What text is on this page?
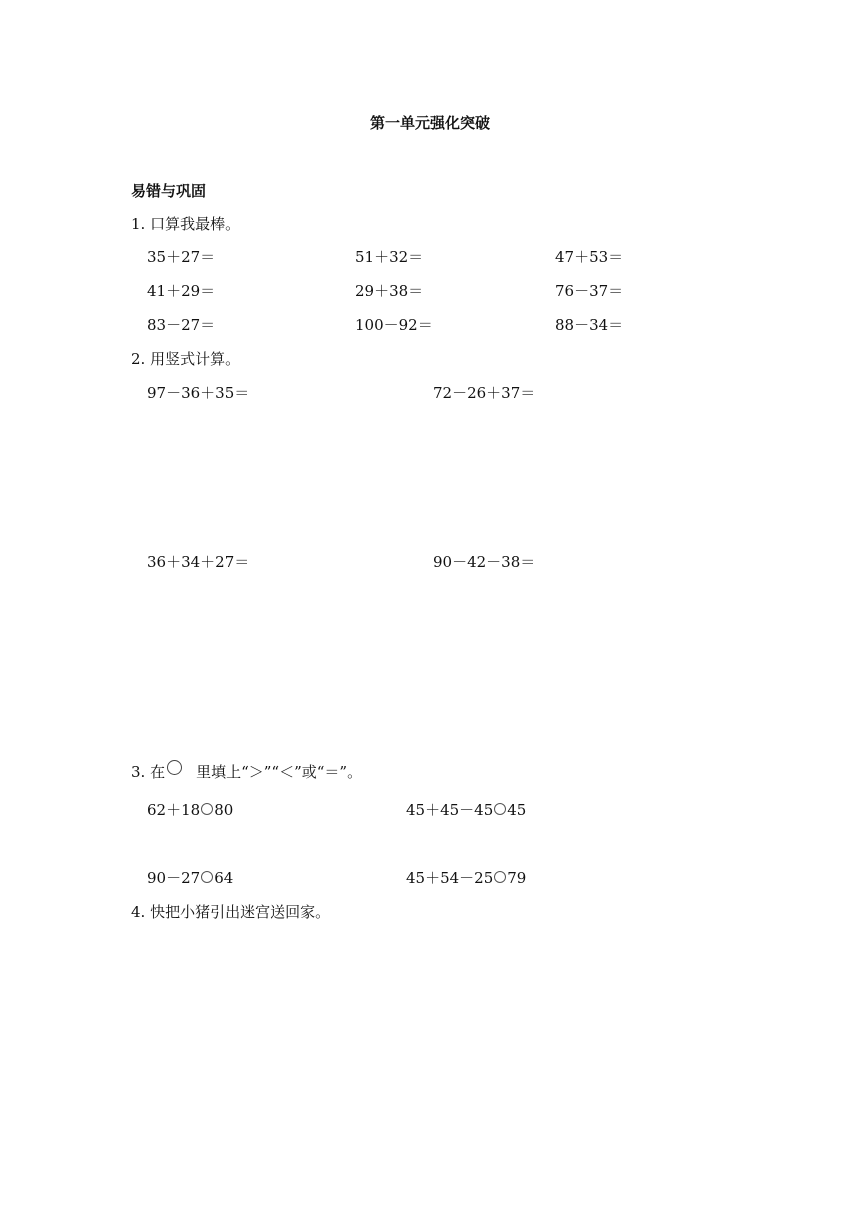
第一单元强化突破
易错与巩固
1. 口算我最棒。
35＋27＝	51＋32＝	47＋53＝
41＋29＝	29＋38＝	76－37＝
83－27＝	100－92＝	88－34＝
2. 用竖式计算。
97－36＋35＝	72－26＋37＝
36＋34＋27＝	90－42－38＝
3. 在 里填上“＞”“＜”或“＝”。
62＋18 80	45＋45－45 45
90－27 64	45＋54－25 79
4. 快把小猪引出迷宫送回家。
